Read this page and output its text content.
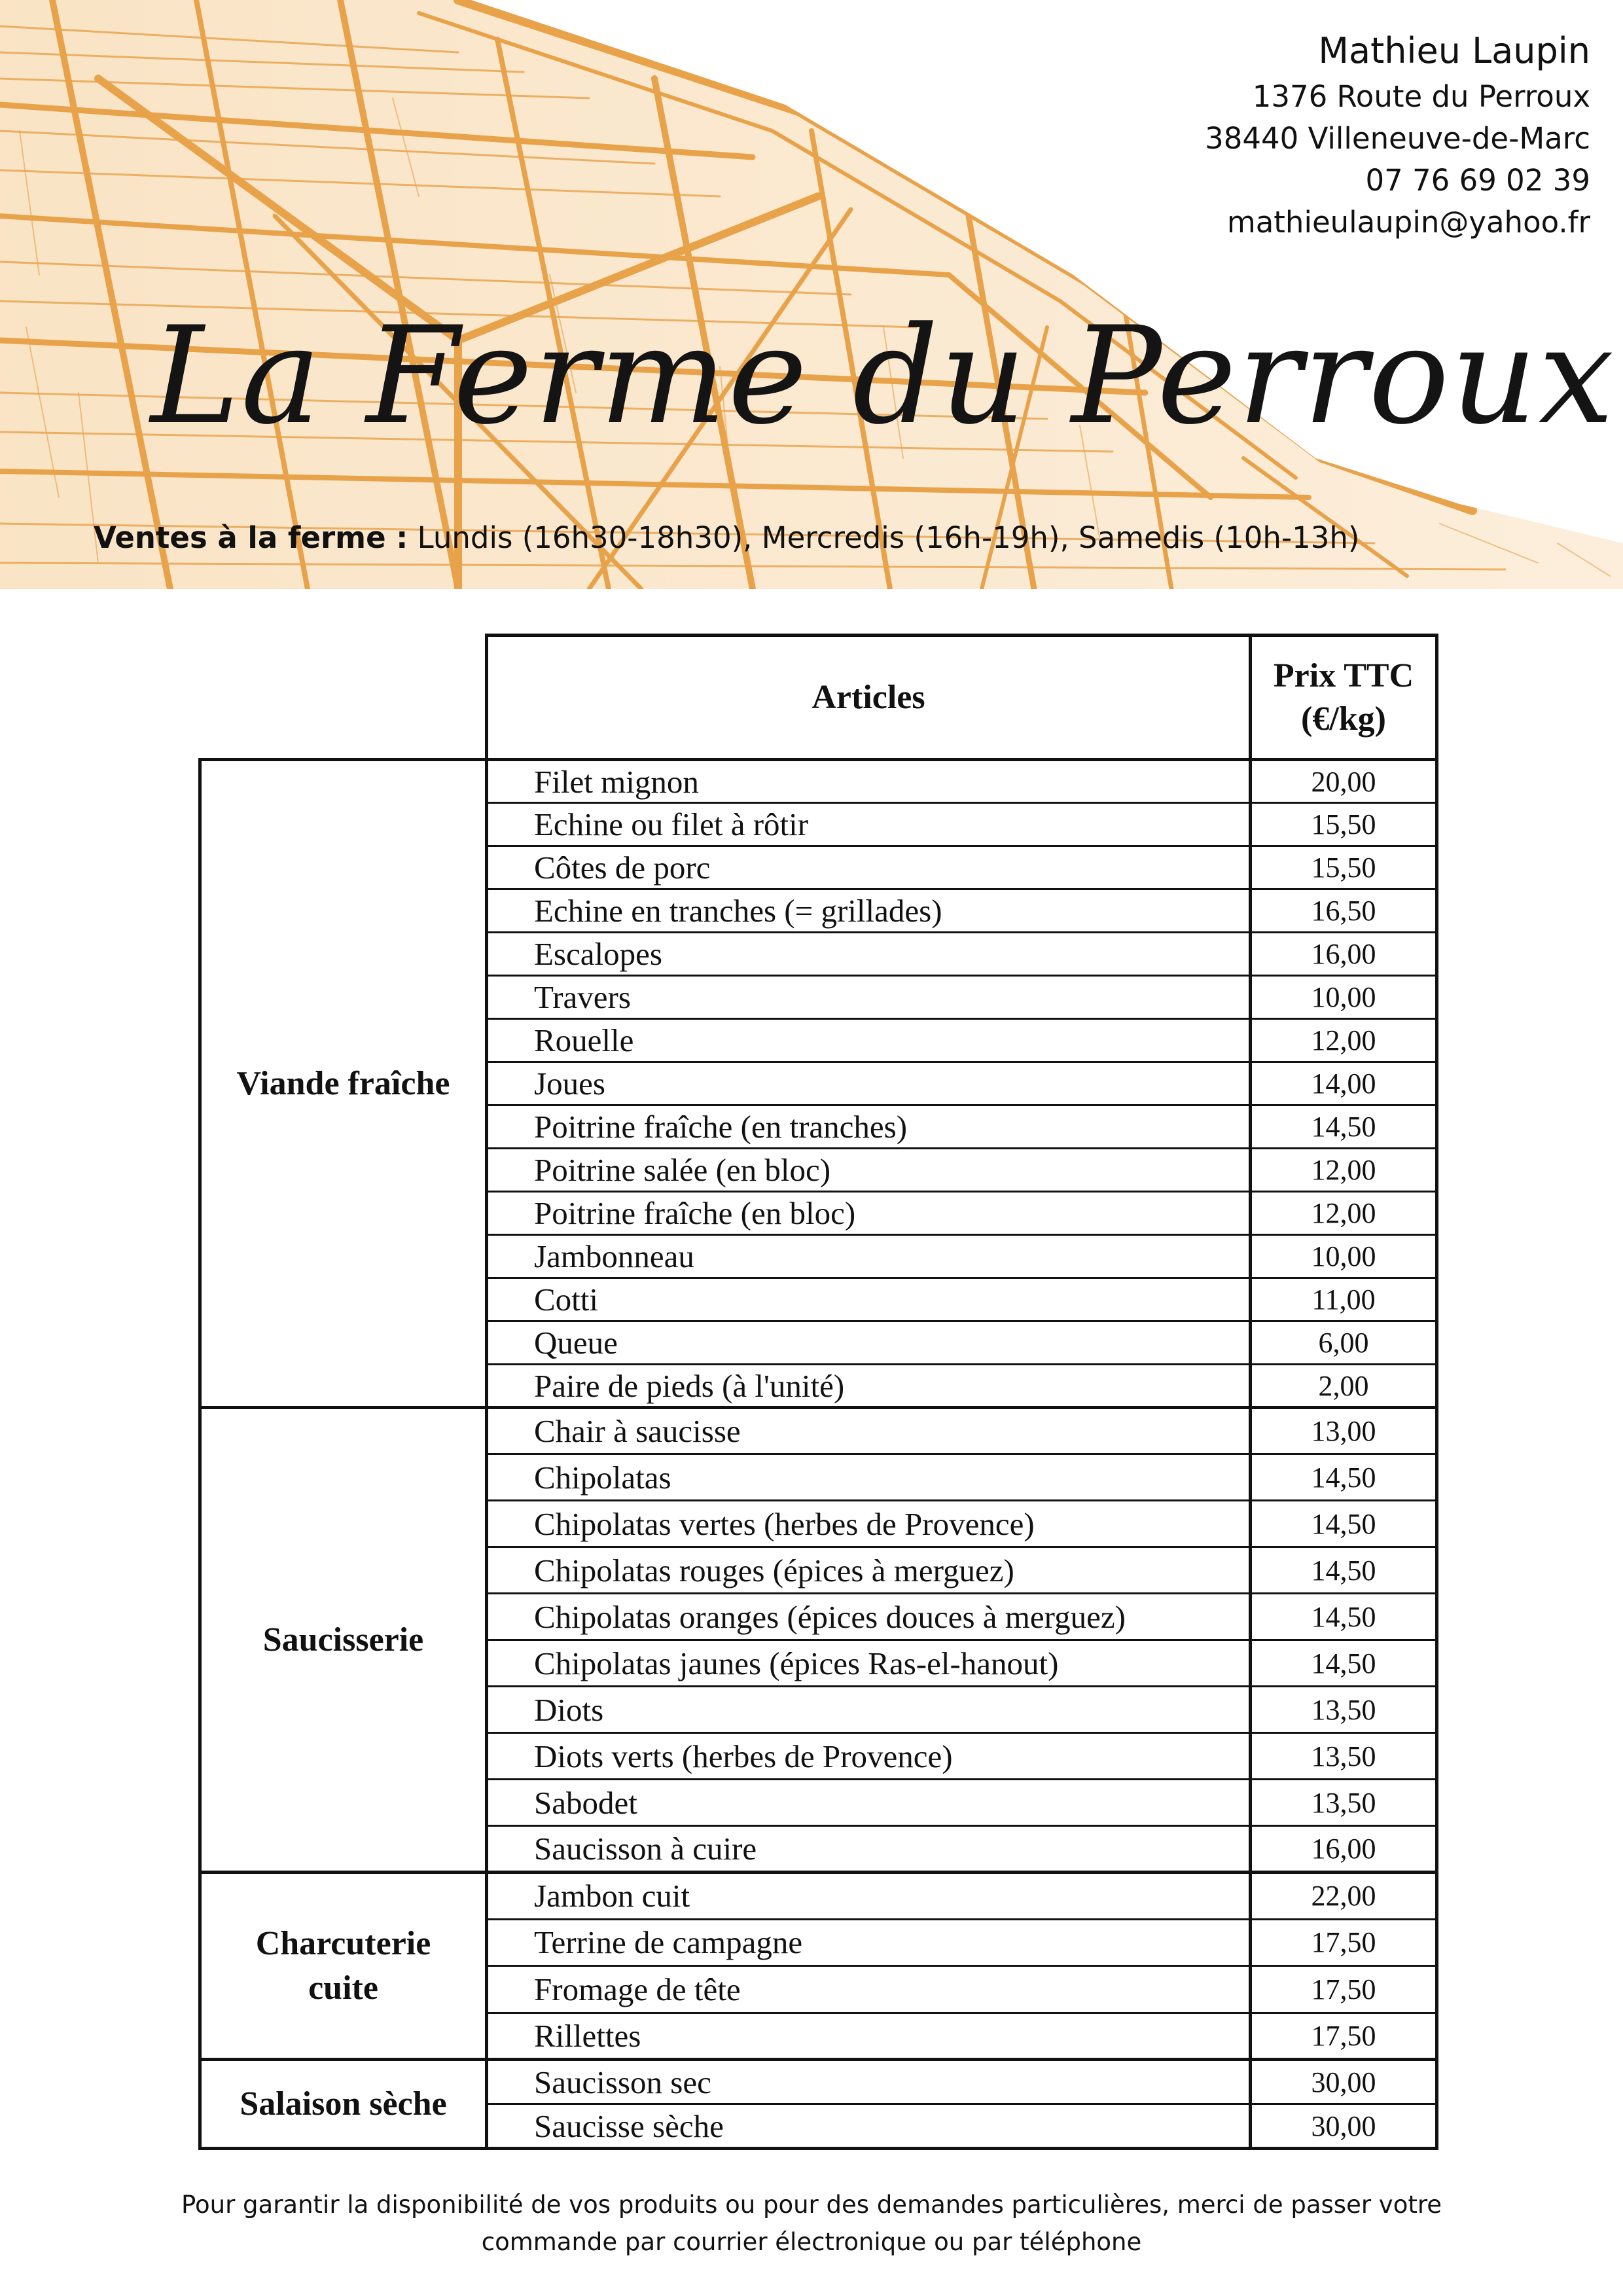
Mathieu Laupin
1376 Route du Perroux
38440 Villeneuve-de-Marc
07 76 69 02 39
mathieulaupin@yahoo.fr
La Ferme du Perroux
Ventes à la ferme : Lundis (16h30-18h30), Mercredis (16h-19h), Samedis (10h-13h)
	Articles	Prix TTC
(€/kg)

Viande fraîche	Filet mignon	20,00
	Echine ou filet à rôtir	15,50
	Côtes de porc	15,50
	Echine en tranches (= grillades)	16,50
	Escalopes	16,00
	Travers	10,00
	Rouelle	12,00
	Joues	14,00
	Poitrine fraîche (en tranches)	14,50
	Poitrine salée (en bloc)	12,00
	Poitrine fraîche (en bloc)	12,00
	Jambonneau	10,00
	Cotti	11,00
	Queue	6,00
	Paire de pieds (à l'unité)	2,00

Saucisserie	Chair à saucisse	13,00
	Chipolatas	14,50
	Chipolatas vertes (herbes de Provence)	14,50
	Chipolatas rouges (épices à merguez)	14,50
	Chipolatas oranges (épices douces à merguez)	14,50
	Chipolatas jaunes (épices Ras-el-hanout)	14,50
	Diots	13,50
	Diots verts (herbes de Provence)	13,50
	Sabodet	13,50
	Saucisson à cuire	16,00

Charcuterie
cuite	Jambon cuit	22,00
	Terrine de campagne	17,50
	Fromage de tête	17,50
	Rillettes	17,50

Salaison sèche	Saucisson sec	30,00
	Saucisse sèche	30,00
Pour garantir la disponibilité de vos produits ou pour des demandes particulières, merci de passer votre
commande par courrier électronique ou par téléphone
